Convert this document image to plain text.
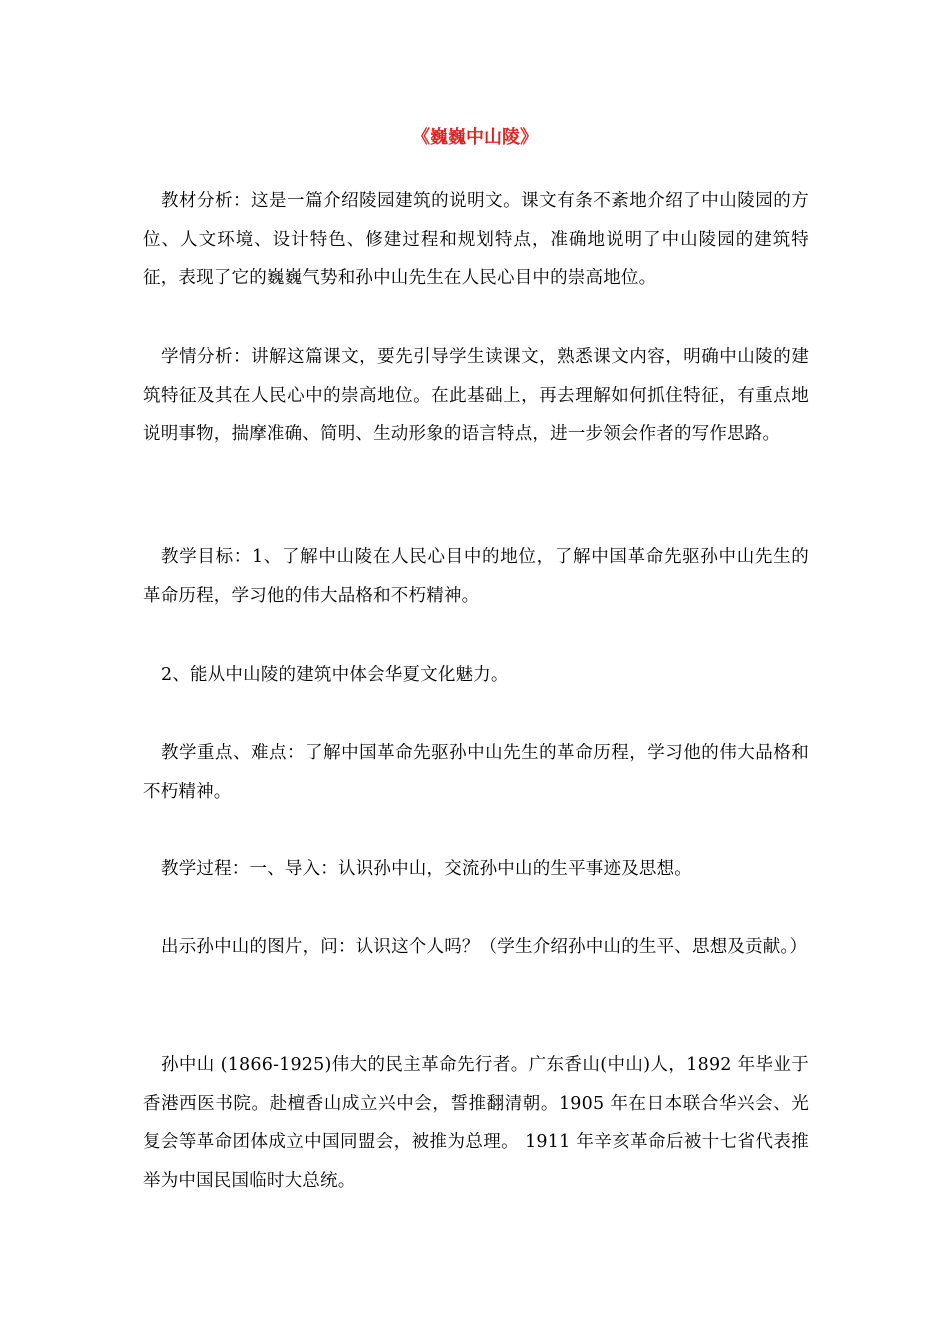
《巍巍中山陵》

教材分析：这是一篇介绍陵园建筑的说明文。课文有条不紊地介绍了中山陵园的方位、人文环境、设计特色、修建过程和规划特点，准确地说明了中山陵园的建筑特征，表现了它的巍巍气势和孙中山先生在人民心目中的崇高地位。

学情分析：讲解这篇课文，要先引导学生读课文，熟悉课文内容，明确中山陵的建筑特征及其在人民心中的崇高地位。在此基础上，再去理解如何抓住特征，有重点地说明事物，揣摩准确、简明、生动形象的语言特点，进一步领会作者的写作思路。

教学目标：1、了解中山陵在人民心目中的地位，了解中国革命先驱孙中山先生的革命历程，学习他的伟大品格和不朽精神。

2、能从中山陵的建筑中体会华夏文化魅力。

教学重点、难点：了解中国革命先驱孙中山先生的革命历程，学习他的伟大品格和不朽精神。

教学过程：一、导入：认识孙中山，交流孙中山的生平事迹及思想。

出示孙中山的图片，问：认识这个人吗？（学生介绍孙中山的生平、思想及贡献。）

孙中山 (1866-1925)伟大的民主革命先行者。广东香山(中山)人，1892 年毕业于香港西医书院。赴檀香山成立兴中会，誓推翻清朝。1905 年在日本联合华兴会、光复会等革命团体成立中国同盟会，被推为总理。 1911 年辛亥革命后被十七省代表推举为中国民国临时大总统。
